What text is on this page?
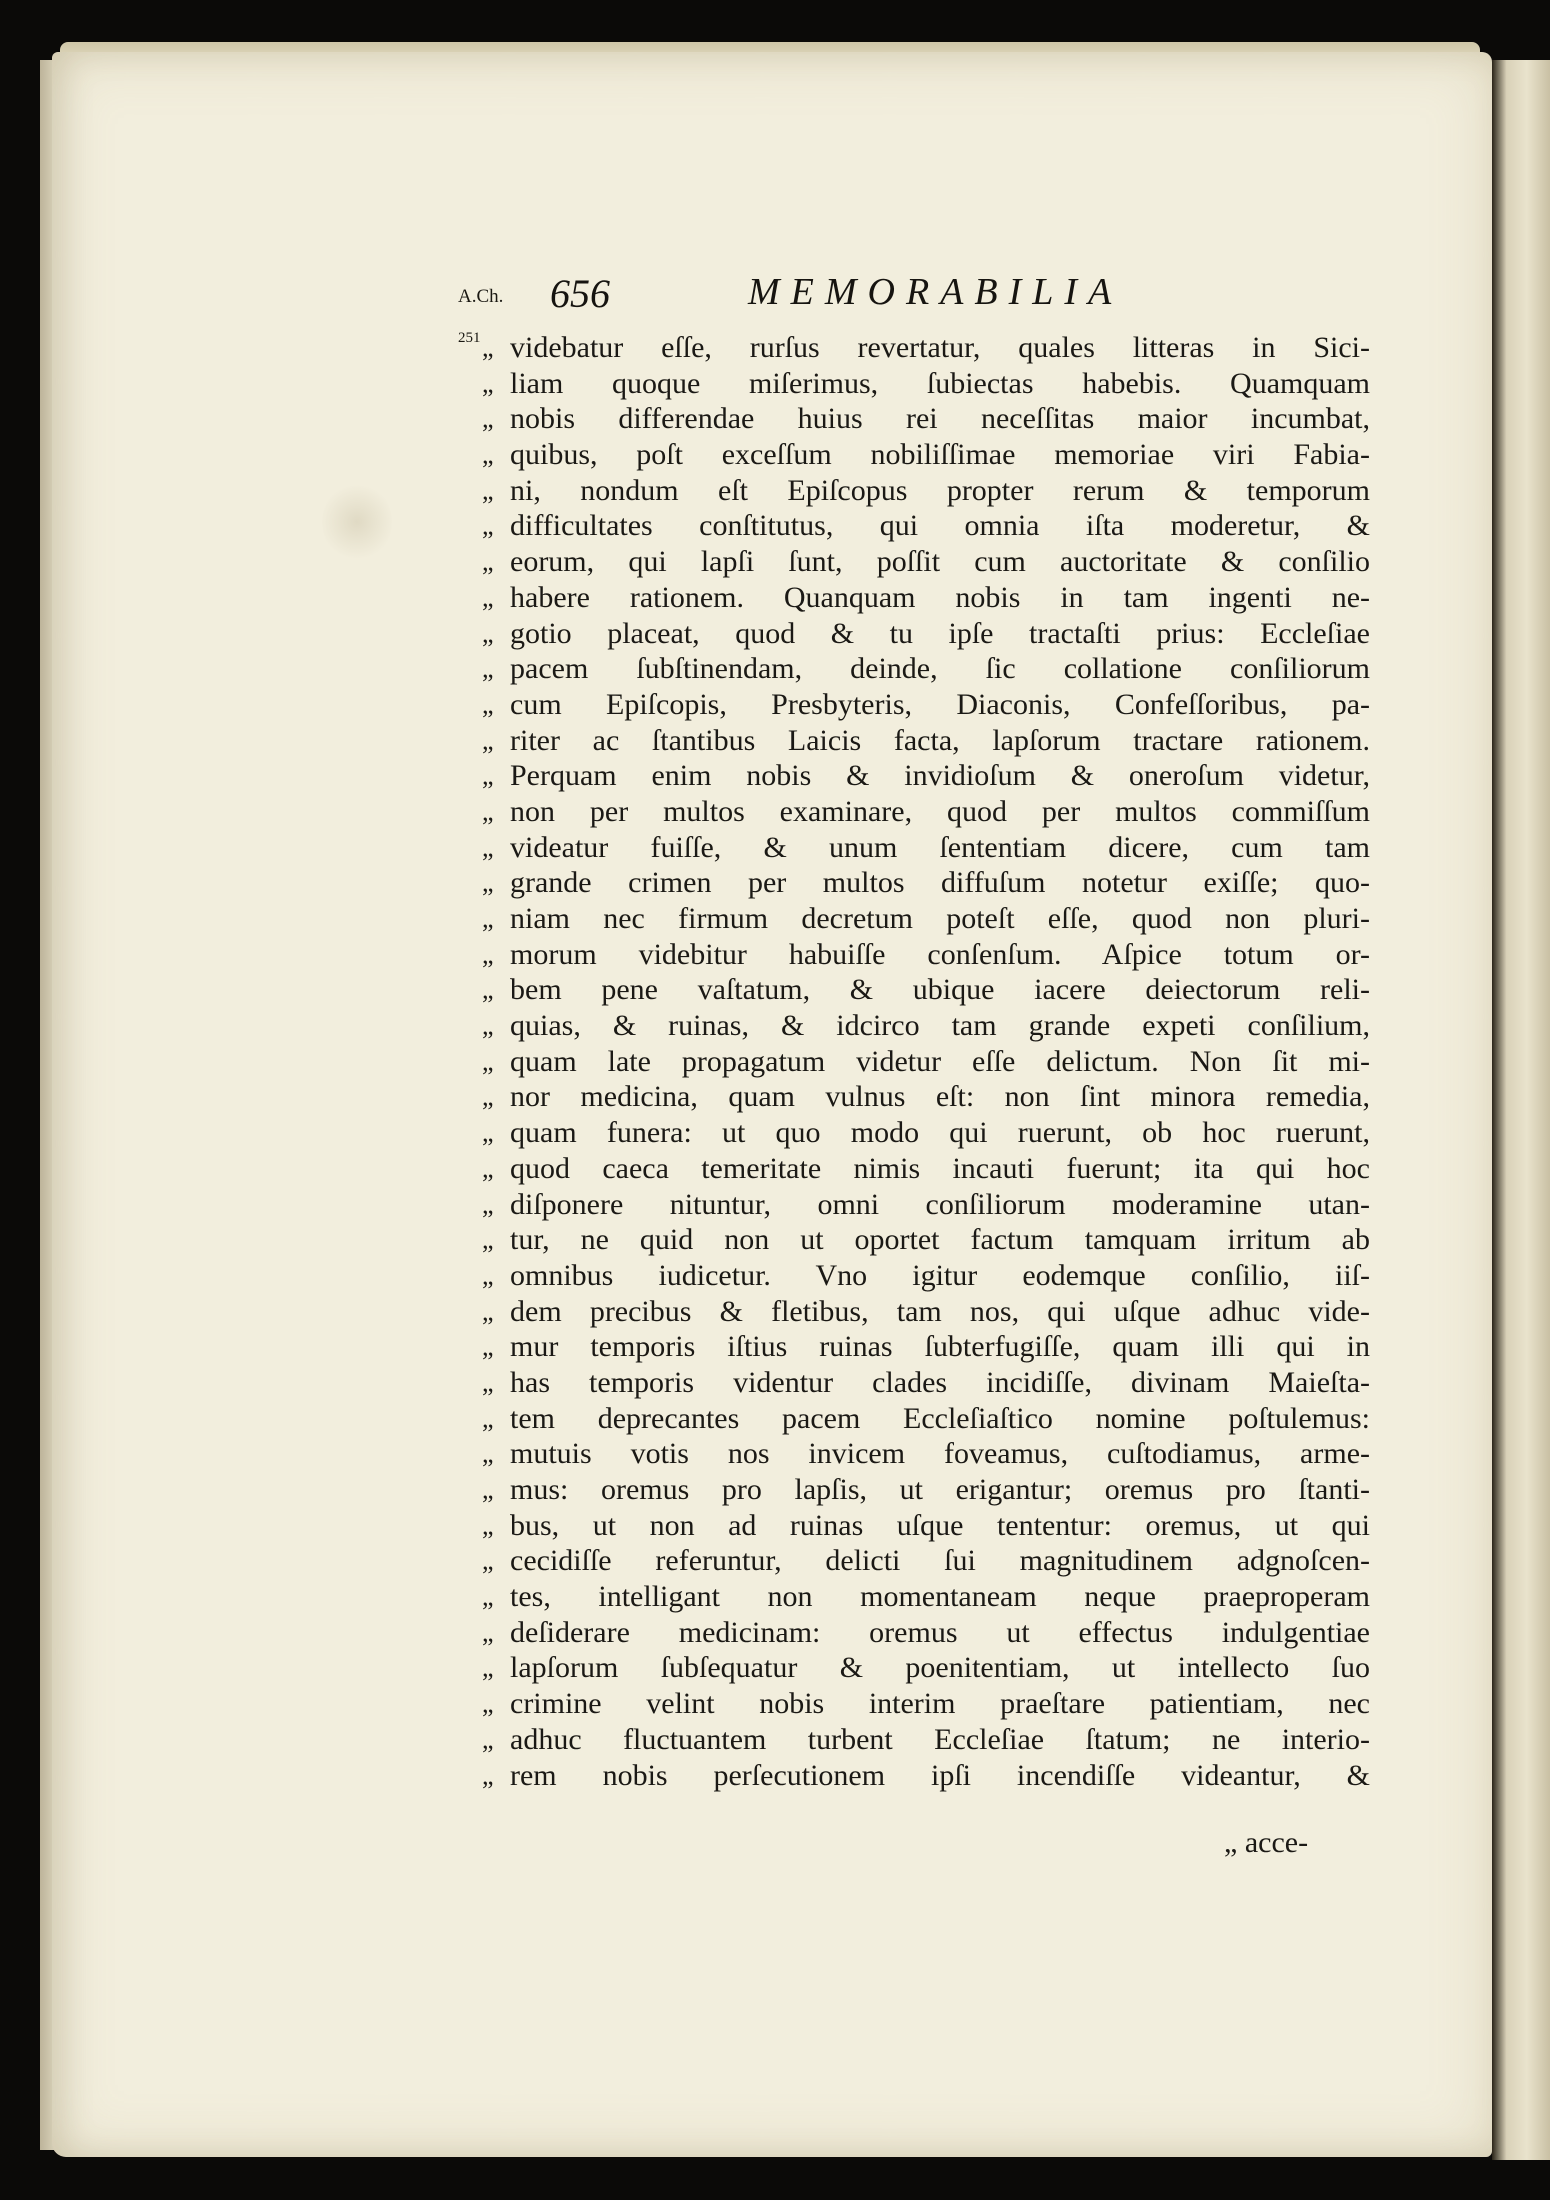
A.Ch.
251
656	MEMORABILIA
„ videbatur eſſe, rurſus revertatur, quales litteras in Sici-
„ liam quoque miſerimus, ſubiectas habebis. Quamquam
„ nobis differendae huius rei neceſſitas maior incumbat,
„ quibus, poſt exceſſum nobiliſſimae memoriae viri Fabia-
„ ni, nondum eſt Epiſcopus propter rerum & temporum
„ difficultates conſtitutus, qui omnia iſta moderetur, &
„ eorum, qui lapſi ſunt, poſſit cum auctoritate & conſilio
„ habere rationem. Quanquam nobis in tam ingenti ne-
„ gotio placeat, quod & tu ipſe tractaſti prius: Eccleſiae
„ pacem ſubſtinendam, deinde, ſic collatione conſiliorum
„ cum Epiſcopis, Presbyteris, Diaconis, Confeſſoribus, pa-
„ riter ac ſtantibus Laicis facta, lapſorum tractare rationem.
„ Perquam enim nobis & invidioſum & oneroſum videtur,
„ non per multos examinare, quod per multos commiſſum
„ videatur fuiſſe, & unum ſententiam dicere, cum tam
„ grande crimen per multos diffuſum notetur exiſſe; quo-
„ niam nec firmum decretum poteſt eſſe, quod non pluri-
„ morum videbitur habuiſſe conſenſum. Aſpice totum or-
„ bem pene vaſtatum, & ubique iacere deiectorum reli-
„ quias, & ruinas, & idcirco tam grande expeti conſilium,
„ quam late propagatum videtur eſſe delictum. Non ſit mi-
„ nor medicina, quam vulnus eſt: non ſint minora remedia,
„ quam funera: ut quo modo qui ruerunt, ob hoc ruerunt,
„ quod caeca temeritate nimis incauti fuerunt; ita qui hoc
„ diſponere nituntur, omni conſiliorum moderamine utan-
„ tur, ne quid non ut oportet factum tamquam irritum ab
„ omnibus iudicetur. Vno igitur eodemque conſilio, iiſ-
„ dem precibus & fletibus, tam nos, qui uſque adhuc vide-
„ mur temporis iſtius ruinas ſubterfugiſſe, quam illi qui in
„ has temporis videntur clades incidiſſe, divinam Maieſta-
„ tem deprecantes pacem Eccleſiaſtico nomine poſtulemus:
„ mutuis votis nos invicem foveamus, cuſtodiamus, arme-
„ mus: oremus pro lapſis, ut erigantur; oremus pro ſtanti-
„ bus, ut non ad ruinas uſque tententur: oremus, ut qui
„ cecidiſſe referuntur, delicti ſui magnitudinem adgnoſcen-
„ tes, intelligant non momentaneam neque praeproperam
„ deſiderare medicinam: oremus ut effectus indulgentiae
„ lapſorum ſubſequatur & poenitentiam, ut intellecto ſuo
„ crimine velint nobis interim praeſtare patientiam, nec
„ adhuc fluctuantem turbent Eccleſiae ſtatum; ne interio-
„ rem nobis perſecutionem ipſi incendiſſe videantur, &
„ acce-
